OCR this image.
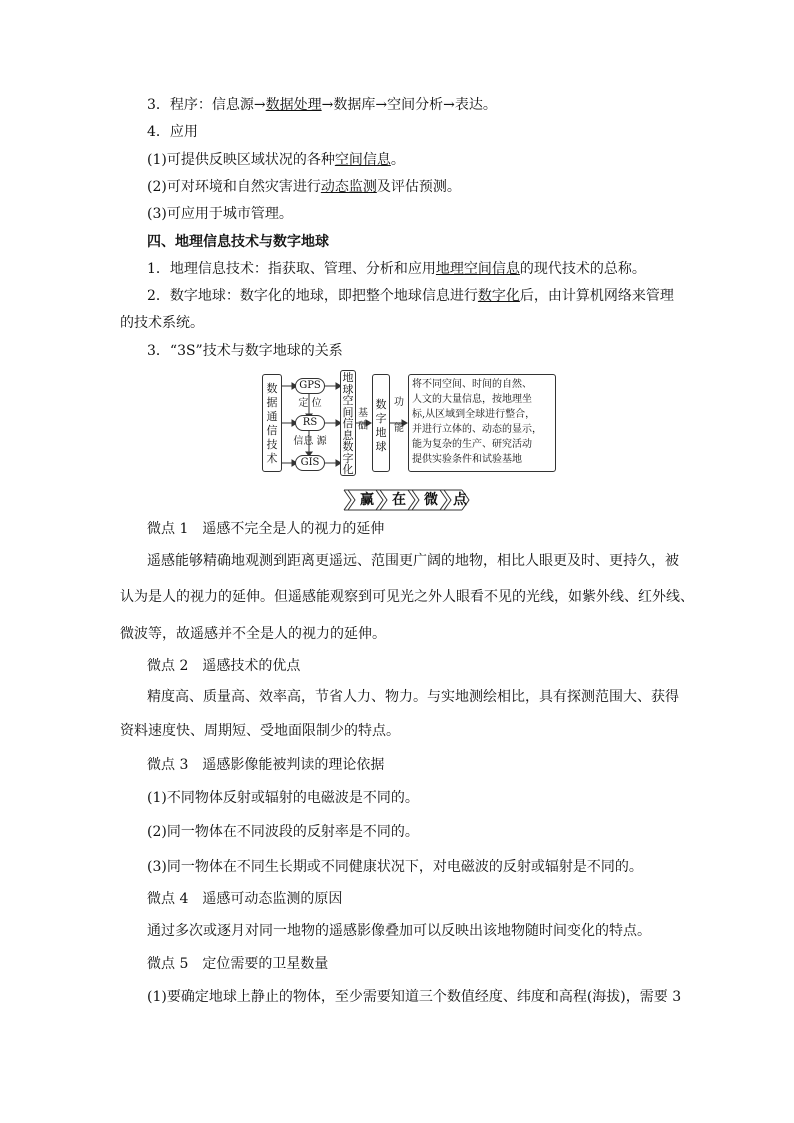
3．程序：信息源→数据处理→数据库→空间分析→表达。
4．应用
(1)可提供反映区域状况的各种空间信息。
(2)可对环境和自然灾害进行动态监测及评估预测。
(3)可应用于城市管理。
四、地理信息技术与数字地球
1．地理信息技术：指获取、管理、分析和应用地理空间信息的现代技术的总称。
2．数字地球：数字化的地球，即把整个地球信息进行数字化后，由计算机网络来管理
的技术系统。
3．“3S”技术与数字地球的关系
数据通信技术
GPS
RS
GIS
定 位
信息 源
地球空间信息数字化
基础
数字地球
功能
将不同空间、时间的自然、
人文的大量信息，按地理坐
标,从区域到全球进行整合，
并进行立体的、动态的显示，
能为复杂的生产、研究活动
提供实验条件和试验基地
赢	在	微	点
微点 1　遥感不完全是人的视力的延伸
遥感能够精确地观测到距离更遥远、范围更广阔的地物，相比人眼更及时、更持久，被
认为是人的视力的延伸。但遥感能观察到可见光之外人眼看不见的光线，如紫外线、红外线、
微波等，故遥感并不全是人的视力的延伸。
微点 2　遥感技术的优点
精度高、质量高、效率高，节省人力、物力。与实地测绘相比，具有探测范围大、获得
资料速度快、周期短、受地面限制少的特点。
微点 3　遥感影像能被判读的理论依据
(1)不同物体反射或辐射的电磁波是不同的。
(2)同一物体在不同波段的反射率是不同的。
(3)同一物体在不同生长期或不同健康状况下，对电磁波的反射或辐射是不同的。
微点 4　遥感可动态监测的原因
通过多次或逐月对同一地物的遥感影像叠加可以反映出该地物随时间变化的特点。
微点 5　定位需要的卫星数量
(1)要确定地球上静止的物体，至少需要知道三个数值经度、纬度和高程(海拔)，需要 3
